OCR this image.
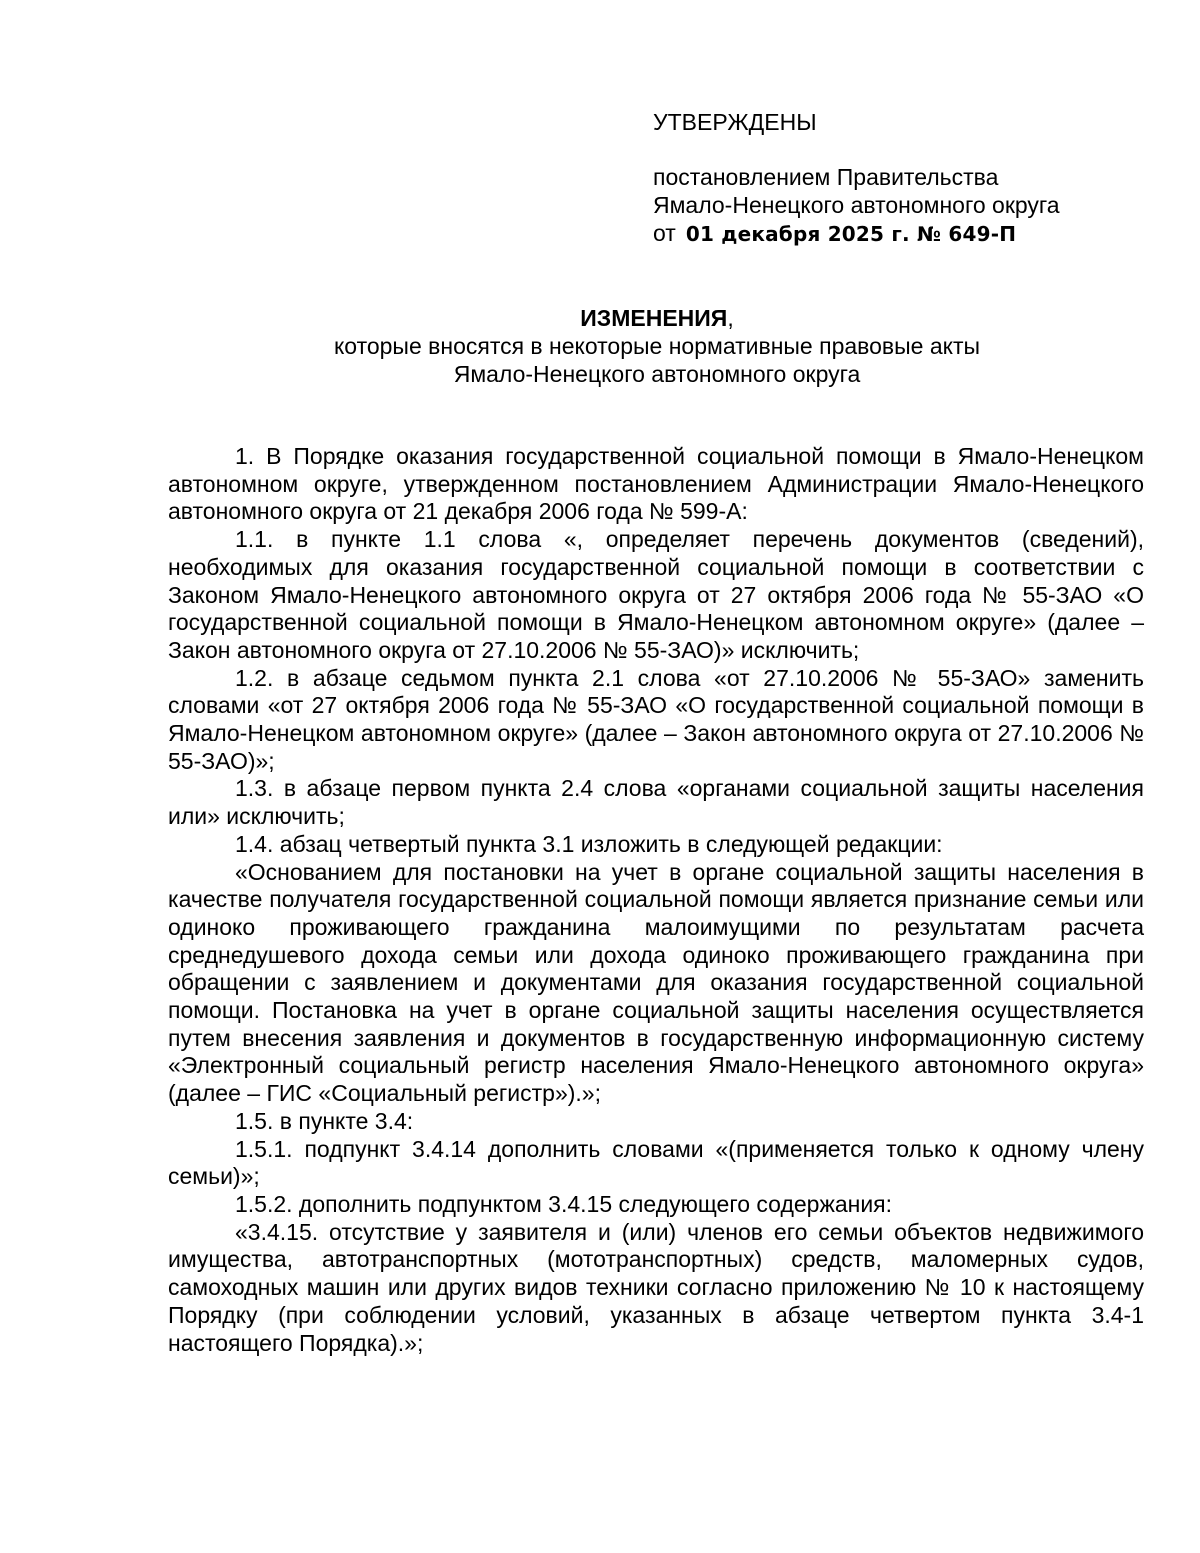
УТВЕРЖДЕНЫ

постановлением Правительства

Ямало-Ненецкого автономного округа

от 01 декабря 2025 г. № 649-П

ИЗМЕНЕНИЯ,

которые вносятся в некоторые нормативные правовые акты

Ямало-Ненецкого автономного округа

1. В Порядке оказания государственной социальной помощи в Ямало-Ненецком автономном округе, утвержденном постановлением Администрации Ямало-Ненецкого автономного округа от 21 декабря 2006 года № 599-А:

1.1. в пункте 1.1 слова «, определяет перечень документов (сведений), необходимых для оказания государственной социальной помощи в соответствии с Законом Ямало-Ненецкого автономного округа от 27 октября 2006 года № 55-ЗАО «О государственной социальной помощи в Ямало-Ненецком автономном округе» (далее – Закон автономного округа от 27.10.2006 № 55-ЗАО)» исключить;

1.2. в абзаце седьмом пункта 2.1 слова «от 27.10.2006 № 55-ЗАО» заменить словами «от 27 октября 2006 года № 55-ЗАО «О государственной социальной помощи в Ямало-Ненецком автономном округе» (далее – Закон автономного округа от 27.10.2006 № 55-ЗАО)»;

1.3. в абзаце первом пункта 2.4 слова «органами социальной защиты населения или» исключить;

1.4. абзац четвертый пункта 3.1 изложить в следующей редакции:

«Основанием для постановки на учет в органе социальной защиты населения в качестве получателя государственной социальной помощи является признание семьи или одиноко проживающего гражданина малоимущими по результатам расчета среднедушевого дохода семьи или дохода одиноко проживающего гражданина при обращении с заявлением и документами для оказания государственной социальной помощи. Постановка на учет в органе социальной защиты населения осуществляется путем внесения заявления и документов в государственную информационную систему «Электронный социальный регистр населения Ямало-Ненецкого автономного округа» (далее – ГИС «Социальный регистр»).»;

1.5. в пункте 3.4:

1.5.1. подпункт 3.4.14 дополнить словами «(применяется только к одному члену семьи)»;

1.5.2. дополнить подпунктом 3.4.15 следующего содержания:

«3.4.15. отсутствие у заявителя и (или) членов его семьи объектов недвижимого имущества, автотранспортных (мототранспортных) средств, маломерных судов, самоходных машин или других видов техники согласно приложению № 10 к настоящему Порядку (при соблюдении условий, указанных в абзаце четвертом пункта 3.4-1 настоящего Порядка).»;
